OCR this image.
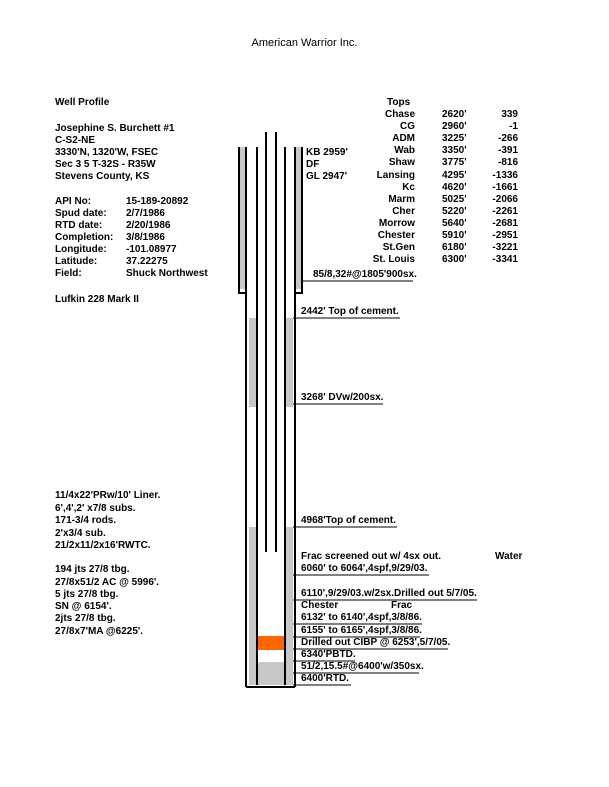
American Warrior Inc.
Well Profile
Josephine S. Burchett #1
C-S2-NE
3330'N, 1320'W, FSEC
Sec 3 5 T-32S - R35W
Stevens County, KS
API No:	15-189-20892
Spud date: 2/7/1986
RTD date: 2/20/1986
Completion: 3/8/1986
Longitude: -101.08977
Latitude:	37.22275
Field:	Shuck Northwest
Lufkin 228 Mark II
KB 2959'
DF
GL 2947'
Tops
Chase	2620'	339
CG	2960'	-1
ADM	3225'	-266
Wab	3350'	-391
Shaw	3775'	-816
Lansing	4295'	-1336
Kc	4620'	-1661
Marm	5025'	-2066
Cher	5220'	-2261
Morrow	5640'	-2681
Chester	5910'	-2951
St.Gen	6180'	-3221
St. Louis	6300'	-3341
85/8,32#@1805'900sx.
2442' Top of cement.
3268' DVw/200sx.
4968'Top of cement.
Frac screened out w/ 4sx out.	Water
6060' to 6064',4spf,9/29/03.
6110',9/29/03.w/2sx.Drilled out 5/7/05.
Chester	Frac
6132' to 6140',4spf,3/8/86.
6155' to 6165',4spf,3/8/86.
Drilled out CIBP @ 6253',5/7/05.
6340'PBTD.
51/2,15.5#@6400'w/350sx.
6400'RTD.
11/4x22'PRw/10' Liner.
6',4',2' x7/8 subs.
171-3/4 rods.
2'x3/4 sub.
21/2x11/2x16'RWTC.
194 jts 27/8 tbg.
27/8x51/2 AC @ 5996'.
5 jts 27/8 tbg.
SN @ 6154'.
2jts 27/8 tbg.
27/8x7'MA @6225'.
